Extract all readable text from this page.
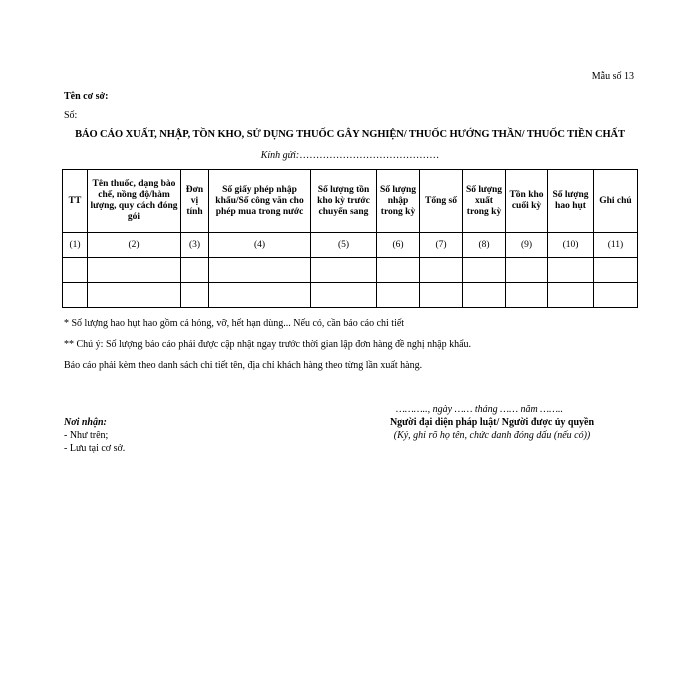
Mẫu số 13
Tên cơ sở:
Số:
BÁO CÁO XUẤT, NHẬP, TỒN KHO, SỬ DỤNG THUỐC GÂY NGHIỆN/ THUỐC HƯỚNG THẦN/ THUỐC TIỀN CHẤT
Kính gửi:……………………………………
TT	Tên thuốc, dạng bào chế, nồng độ/hàm lượng, quy cách đóng gói	Đơn vị tính	Số giấy phép nhập khẩu/Số công văn cho phép mua trong nước	Số lượng tồn kho kỳ trước chuyển sang	Số lượng nhập trong kỳ	Tổng số	Số lượng xuất trong kỳ	Tồn kho cuối kỳ	Số lượng hao hụt	Ghi chú
(1)	(2)	(3)	(4)	(5)	(6)	(7)	(8)	(9)	(10)	(11)

* Số lượng hao hụt hao gồm cả hỏng, vỡ, hết hạn dùng... Nếu có, cần báo cáo chi tiết
** Chú ý: Số lượng báo cáo phải được cập nhật ngay trước thời gian lập đơn hàng đề nghị nhập khẩu.
Báo cáo phải kèm theo danh sách chi tiết tên, địa chỉ khách hàng theo từng lần xuất hàng.
……….., ngày …… tháng …… năm ……..
Nơi nhận:
- Như trên;
- Lưu tại cơ sở.
Người đại diện pháp luật/ Người được ủy quyền
(Ký, ghi rõ họ tên, chức danh đóng dấu (nếu có))
